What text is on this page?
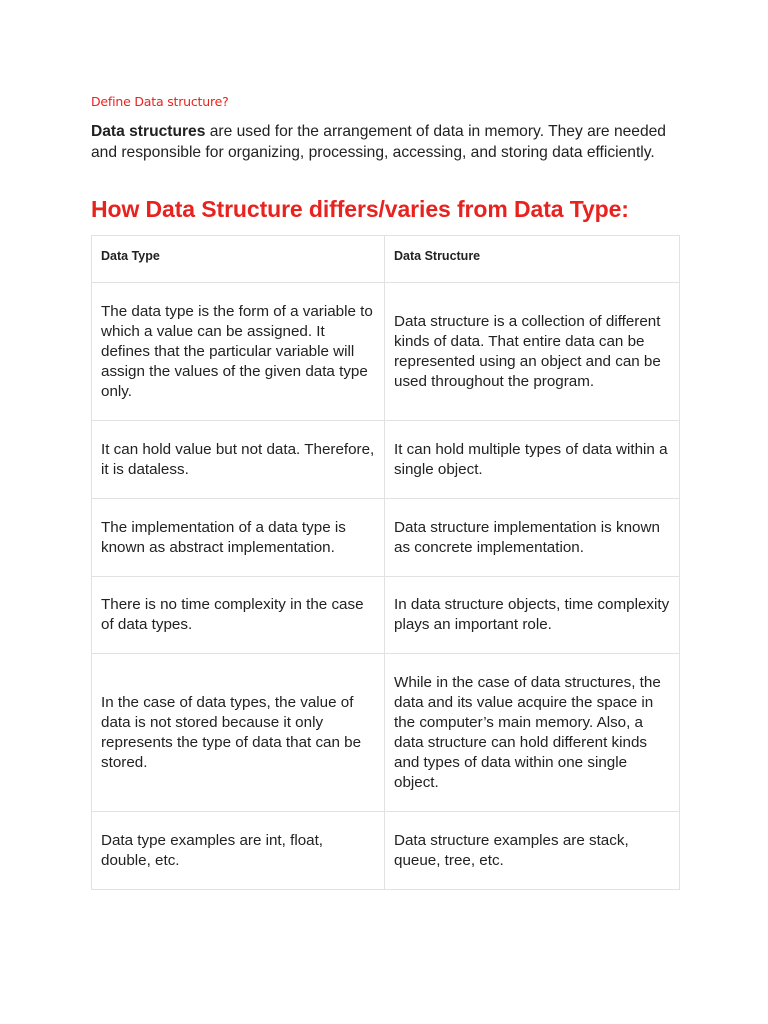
Define Data structure?

Data structures are used for the arrangement of data in memory. They are needed and responsible for organizing, processing, accessing, and storing data efficiently.

How Data Structure differs/varies from Data Type:
Data Type	Data Structure
The data type is the form of a variable to which a value can be assigned. It defines that the particular variable will assign the values of the given data type only.	Data structure is a collection of different kinds of data. That entire data can be represented using an object and can be used throughout the program.
It can hold value but not data. Therefore, it is dataless.	It can hold multiple types of data within a single object.
The implementation of a data type is known as abstract implementation.	Data structure implementation is known as concrete implementation.
There is no time complexity in the case of data types.	In data structure objects, time complexity plays an important role.
In the case of data types, the value of data is not stored because it only represents the type of data that can be stored.	While in the case of data structures, the data and its value acquire the space in the computer’s main memory. Also, a data structure can hold different kinds and types of data within one single object.
Data type examples are int, float, double, etc.	Data structure examples are stack, queue, tree, etc.
